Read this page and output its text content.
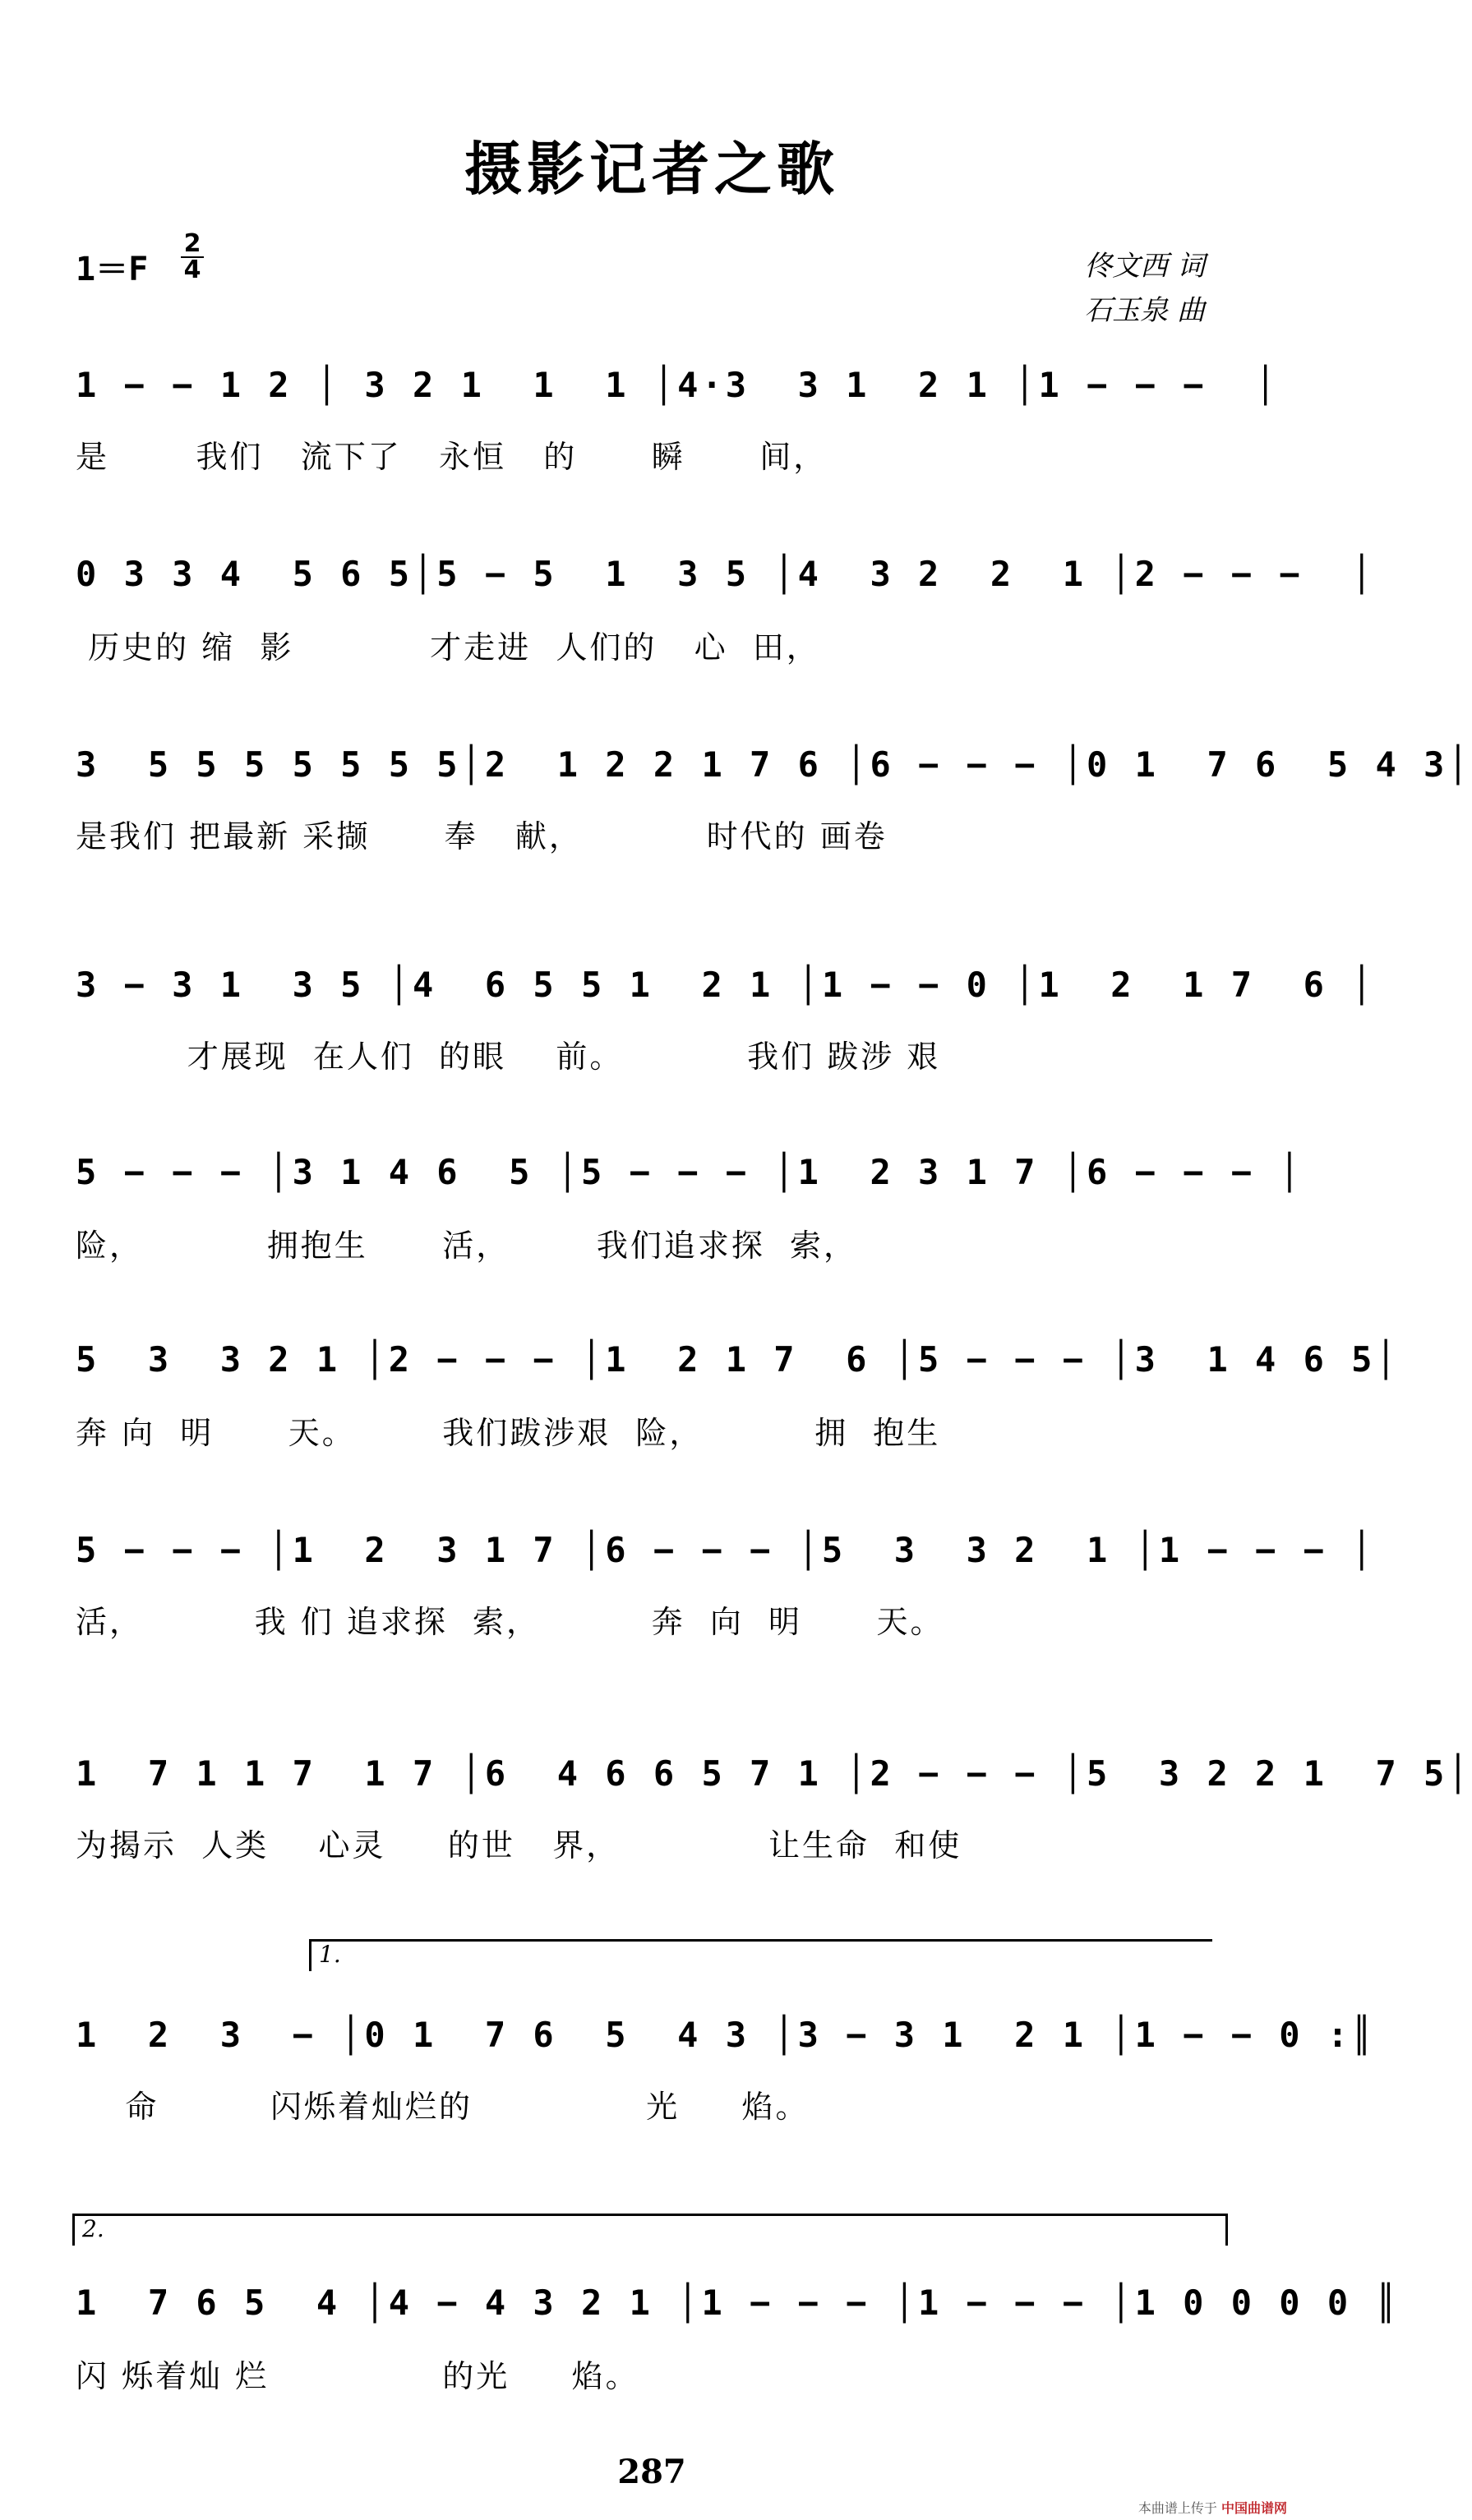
摄影记者之歌
1＝F
2
4	佟文西 词
石玉泉 曲
1 − − 1 2 │ 3 2 1  1  1 │4·3  3 1  2 1 │1 − − −  │
是       我们   流下了   永恒   的      瞬      间，
0 3 3 4  5 6 5│5 − 5  1  3 5 │4  3 2  2  1 │2 − − −  │
历史的 缩  影           才走进  人们的   心  田，
3  5 5 5 5 5 5 5│2  1 2 2 1 7 6 │6 − − − │0 1  7 6  5 4 3│
是我们 把最新 采撷      奉   献，          时代的 画卷
3 − 3 1  3 5 │4  6 5 5 1  2 1 │1 − − 0 │1  2  1 7  6 │
才展现  在人们  的眼    前。          我们 跋涉 艰
5 − − − │3 1 4 6  5 │5 − − − │1  2 3 1 7 │6 − − − │
险，          拥抱生      活，       我们追求探  索，
5  3  3 2 1 │2 − − − │1  2 1 7  6 │5 − − − │3  1 4 6 5│
奔 向  明      天。       我们跋涉艰  险，         拥  抱生
5 − − − │1  2  3 1 7 │6 − − − │5  3  3 2  1 │1 − − − │
活，         我 们 追求探  索，         奔  向  明      天。
1  7 1 1 7  1 7 │6  4 6 6 5 7 1 │2 − − − │5  3 2 2 1  7 5│
为揭示  人类    心灵     的世   界，            让生命  和使
1.
1  2  3  − │0 1  7 6  5  4 3 │3 − 3 1  2 1 │1 − − 0 :║
命         闪烁着灿烂的              光     焰。
2.
1  7 6 5  4 │4 − 4 3 2 1 │1 − − − │1 − − − │1 0 0 0 0 ║
闪 烁着灿 烂              的光     焰。
287
本曲谱上传于 中国曲谱网
